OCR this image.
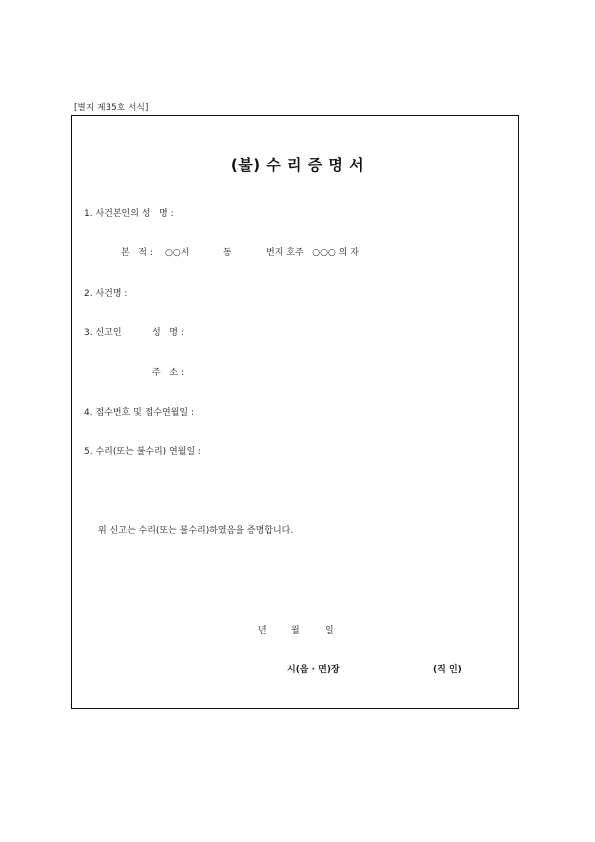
[별지 제35호 서식]
(불) 수 리 증 명 서
1. 사건본인의 성   명 :
본   적 : ○○시	동	번지 호주   ○○○ 의 자
2. 사건명 :
3. 신고인	성   명 :
주   소 :
4. 접수번호 및 접수연월일 :
5. 수리(또는 불수리) 연월일 :
위 신고는 수리(또는 불수리)하였음을 증명합니다.
년	월	일
시(읍 · 면)장	(직 인)
